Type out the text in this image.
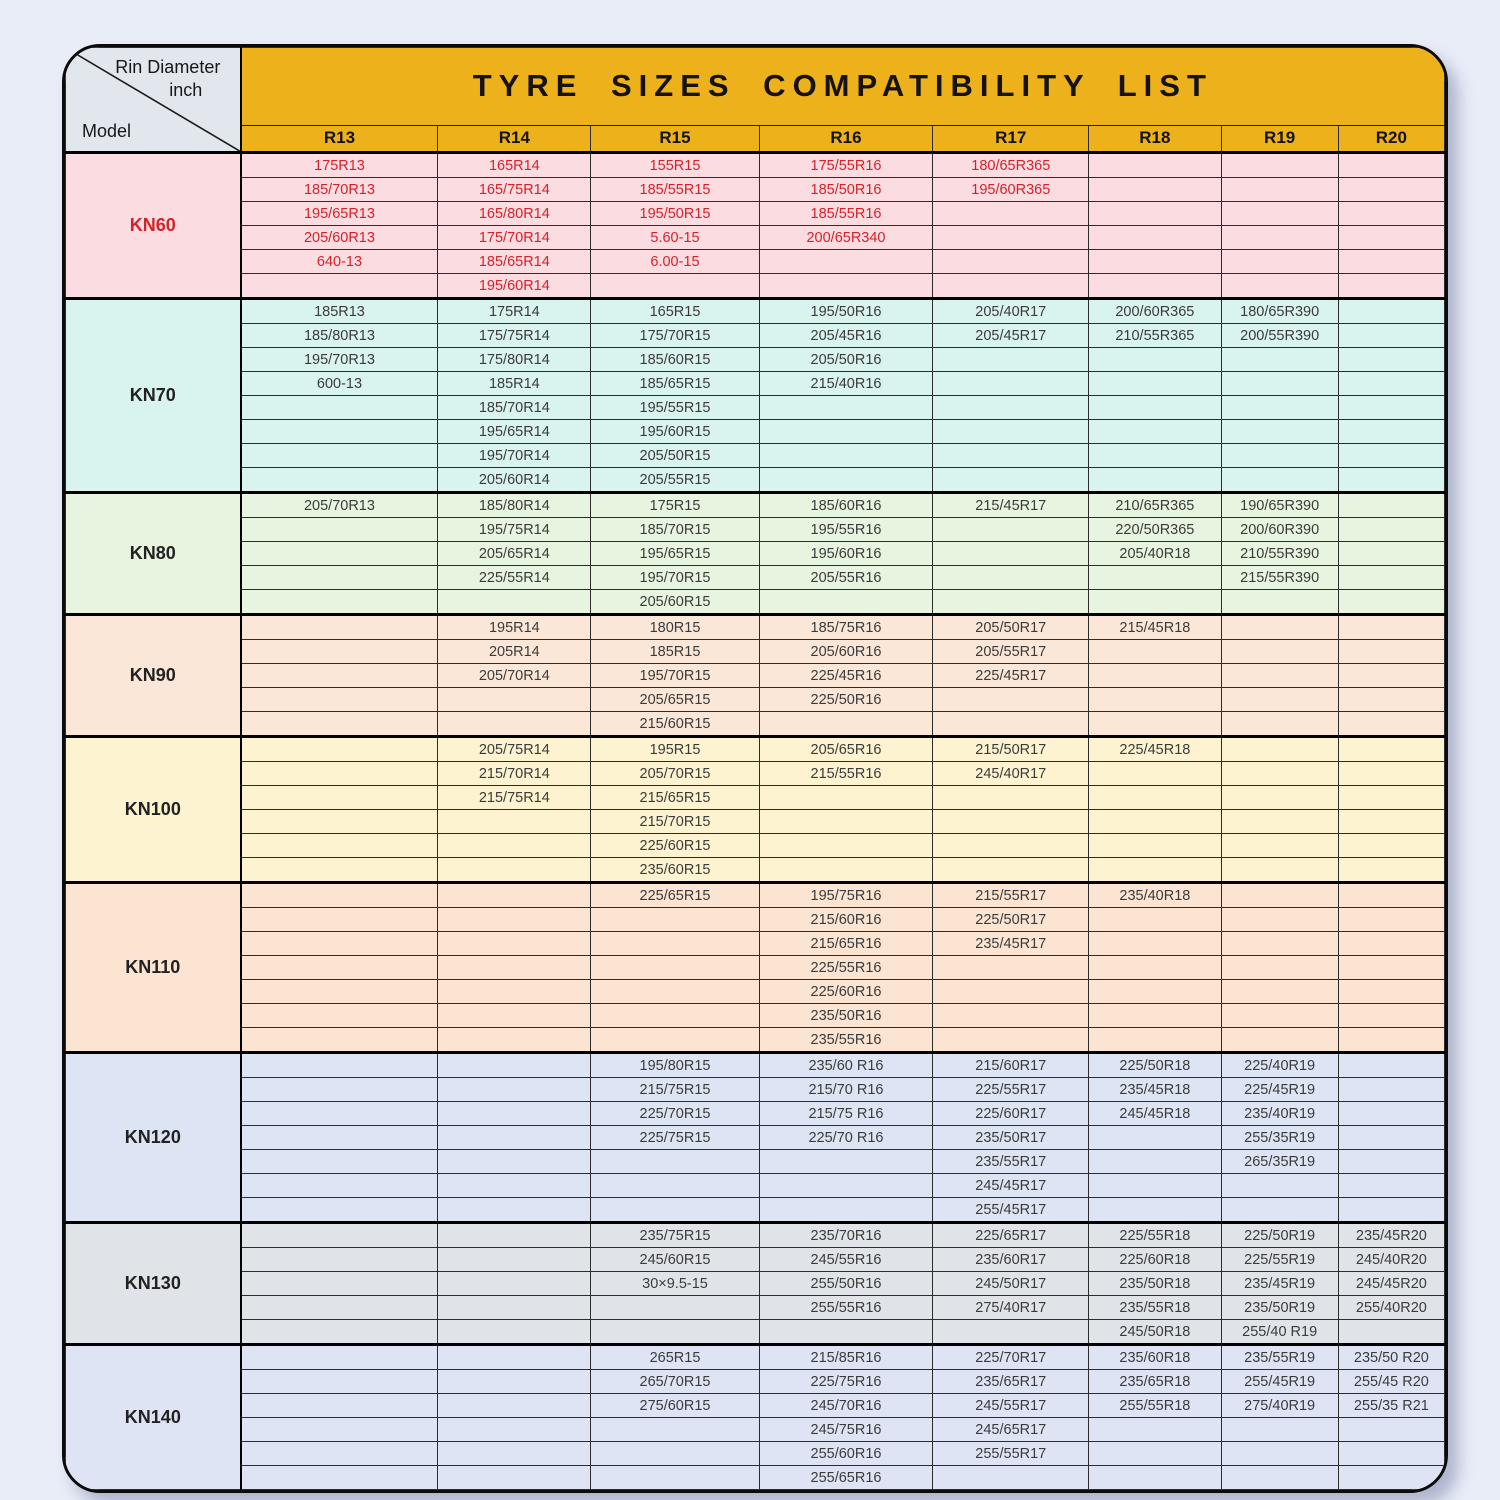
Rin Diameter
inch
Model	TYRE SIZES COMPATIBILITY LIST							
	R13	R14	R15	R16	R17	R18	R19	R20
KN60	175R13	165R14	155R15	175/55R16	180/65R365			
	185/70R13	165/75R14	185/55R15	185/50R16	195/60R365			
	195/65R13	165/80R14	195/50R15	185/55R16				
	205/60R13	175/70R14	5.60-15	200/65R340				
	640-13	185/65R14	6.00-15					
		195/60R14						
KN70	185R13	175R14	165R15	195/50R16	205/40R17	200/60R365	180/65R390	
	185/80R13	175/75R14	175/70R15	205/45R16	205/45R17	210/55R365	200/55R390	
	195/70R13	175/80R14	185/60R15	205/50R16				
	600-13	185R14	185/65R15	215/40R16				
		185/70R14	195/55R15					
		195/65R14	195/60R15					
		195/70R14	205/50R15					
		205/60R14	205/55R15					
KN80	205/70R13	185/80R14	175R15	185/60R16	215/45R17	210/65R365	190/65R390	
		195/75R14	185/70R15	195/55R16		220/50R365	200/60R390	
		205/65R14	195/65R15	195/60R16		205/40R18	210/55R390	
		225/55R14	195/70R15	205/55R16			215/55R390	
			205/60R15					
KN90		195R14	180R15	185/75R16	205/50R17	215/45R18		
		205R14	185R15	205/60R16	205/55R17			
		205/70R14	195/70R15	225/45R16	225/45R17			
			205/65R15	225/50R16				
			215/60R15					
KN100		205/75R14	195R15	205/65R16	215/50R17	225/45R18		
		215/70R14	205/70R15	215/55R16	245/40R17			
		215/75R14	215/65R15					
			215/70R15					
			225/60R15					
			235/60R15					
KN110			225/65R15	195/75R16	215/55R17	235/40R18		
				215/60R16	225/50R17			
				215/65R16	235/45R17			
				225/55R16				
				225/60R16				
				235/50R16				
				235/55R16				
KN120			195/80R15	235/60 R16	215/60R17	225/50R18	225/40R19	
			215/75R15	215/70 R16	225/55R17	235/45R18	225/45R19	
			225/70R15	215/75 R16	225/60R17	245/45R18	235/40R19	
			225/75R15	225/70 R16	235/50R17		255/35R19	
					235/55R17		265/35R19	
					245/45R17			
					255/45R17			
KN130			235/75R15	235/70R16	225/65R17	225/55R18	225/50R19	235/45R20
			245/60R15	245/55R16	235/60R17	225/60R18	225/55R19	245/40R20
			30×9.5-15	255/50R16	245/50R17	235/50R18	235/45R19	245/45R20
				255/55R16	275/40R17	235/55R18	235/50R19	255/40R20
						245/50R18	255/40 R19	
KN140			265R15	215/85R16	225/70R17	235/60R18	235/55R19	235/50 R20
			265/70R15	225/75R16	235/65R17	235/65R18	255/45R19	255/45 R20
			275/60R15	245/70R16	245/55R17	255/55R18	275/40R19	255/35 R21
				245/75R16	245/65R17			
				255/60R16	255/55R17			
				255/65R16				
